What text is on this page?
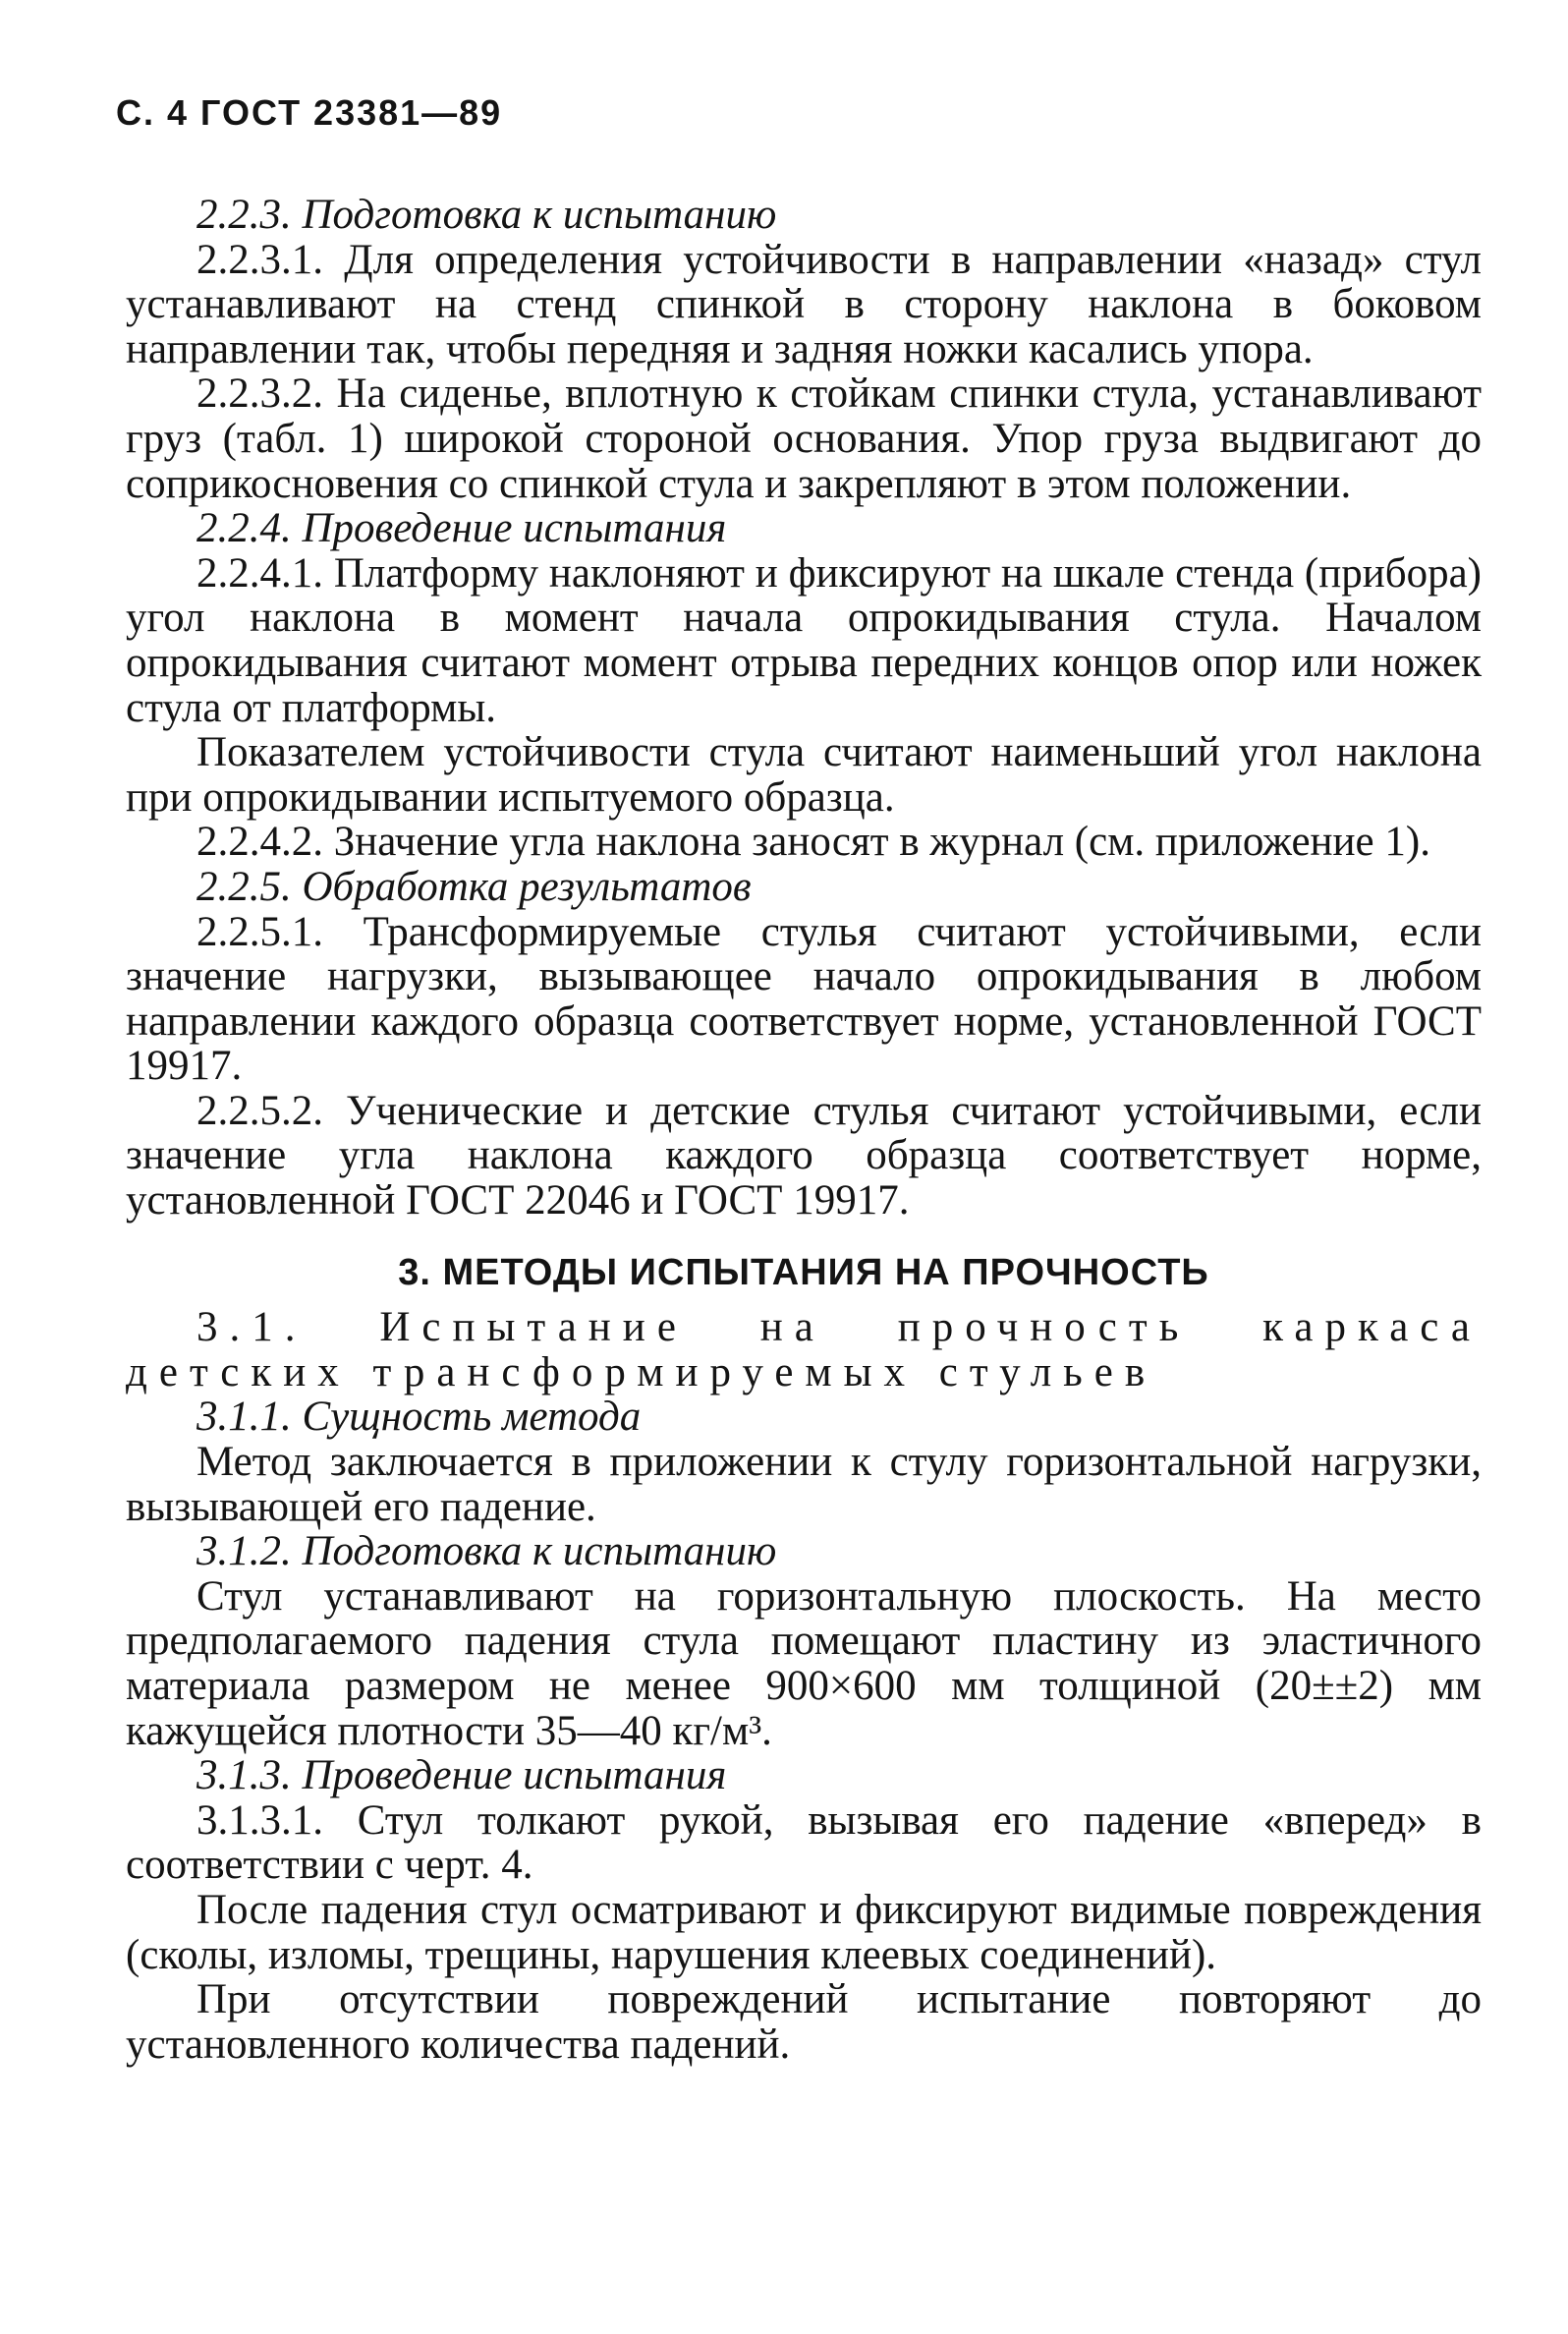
С. 4 ГОСТ 23381—89

2.2.3. Подготовка к испытанию

2.2.3.1. Для определения устойчивости в направлении «назад» стул устанавливают на стенд спинкой в сторону наклона в боковом направлении так, чтобы передняя и задняя ножки касались упора.

2.2.3.2. На сиденье, вплотную к стойкам спинки стула, устанавливают груз (табл. 1) широкой стороной основания. Упор груза выдвигают до соприкосновения со спинкой стула и закрепляют в этом положении.

2.2.4. Проведение испытания

2.2.4.1. Платформу наклоняют и фиксируют на шкале стенда (прибора) угол наклона в момент начала опрокидывания стула. Началом опрокидывания считают момент отрыва передних концов опор или ножек стула от платформы.

Показателем устойчивости стула считают наименьший угол наклона при опрокидывании испытуемого образца.

2.2.4.2. Значение угла наклона заносят в журнал (см. приложение 1).

2.2.5. Обработка результатов

2.2.5.1. Трансформируемые стулья считают устойчивыми, если значение нагрузки, вызывающее начало опрокидывания в любом направлении каждого образца соответствует норме, установленной ГОСТ 19917.

2.2.5.2. Ученические и детские стулья считают устойчивыми, если значение угла наклона каждого образца соответствует норме, установленной ГОСТ 22046 и ГОСТ 19917.

3. МЕТОДЫ ИСПЫТАНИЯ НА ПРОЧНОСТЬ

3.1. Испытание на прочность каркаса детских трансформируемых стульев

3.1.1. Сущность метода

Метод заключается в приложении к стулу горизонтальной нагрузки, вызывающей его падение.

3.1.2. Подготовка к испытанию

Стул устанавливают на горизонтальную плоскость. На место предполагаемого падения стула помещают пластину из эластичного материала размером не менее 900×600 мм толщиной (20±±2) мм кажущейся плотности 35—40 кг/м³.

3.1.3. Проведение испытания

3.1.3.1. Стул толкают рукой, вызывая его падение «вперед» в соответствии с черт. 4.

После падения стул осматривают и фиксируют видимые повреждения (сколы, изломы, трещины, нарушения клеевых соединений).

При отсутствии повреждений испытание повторяют до установленного количества падений.
